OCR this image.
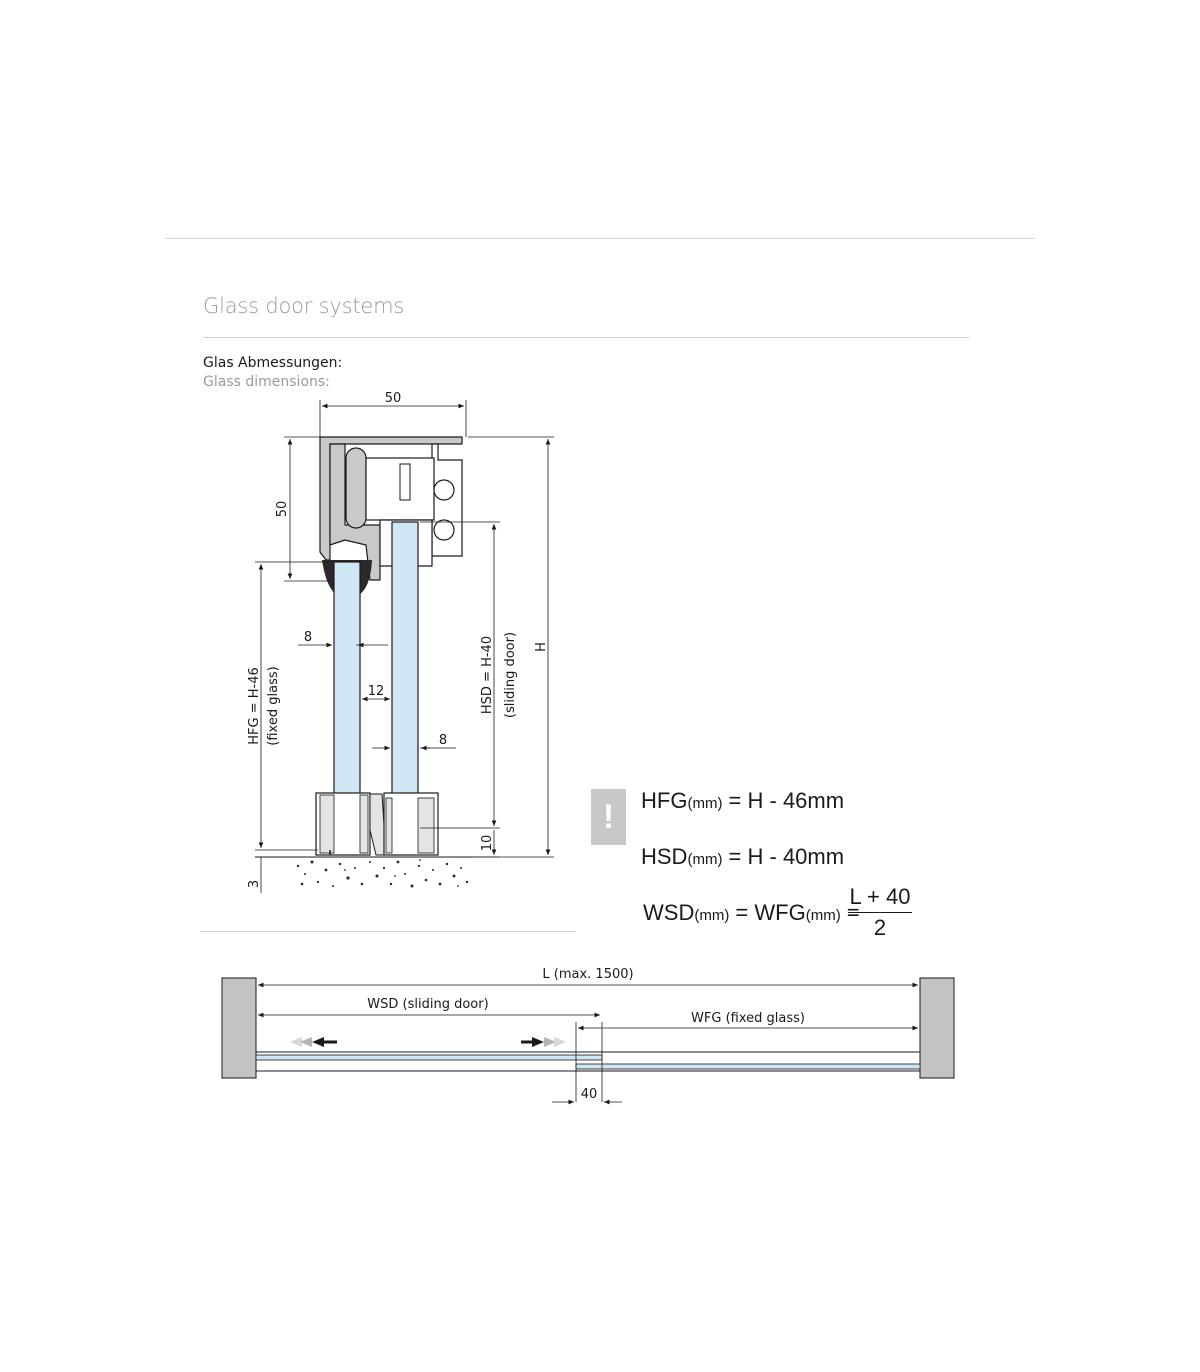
Glass door systems
Glas Abmessungen:
Glass dimensions:
50
50
3
HFG = H-46 (fixed glass)
8
12
8
HSD = H-40 (sliding door)
10
H
L (max. 1500)
WSD (sliding door)
WFG (fixed glass)
40
!	HFG(mm) = H - 46mm
HSD(mm) = H - 40mm
WSD(mm) = WFG(mm) =
$\frac{L + 40}{2}$
